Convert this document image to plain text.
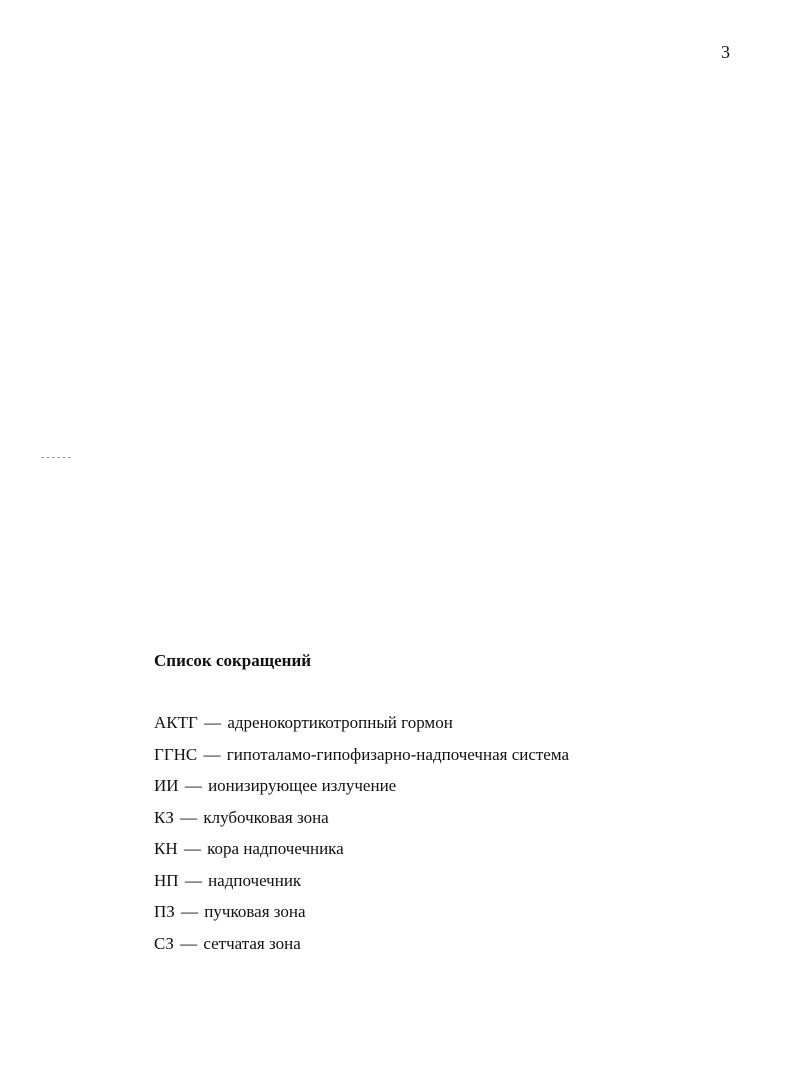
3
Список сокращений
АКТГ — адренокортикотропный гормон
ГГНС — гипоталамо-гипофизарно-надпочечная система
ИИ — ионизирующее излучение
КЗ — клубочковая зона
КН — кора надпочечника
НП — надпочечник
ПЗ — пучковая зона
СЗ — сетчатая зона
